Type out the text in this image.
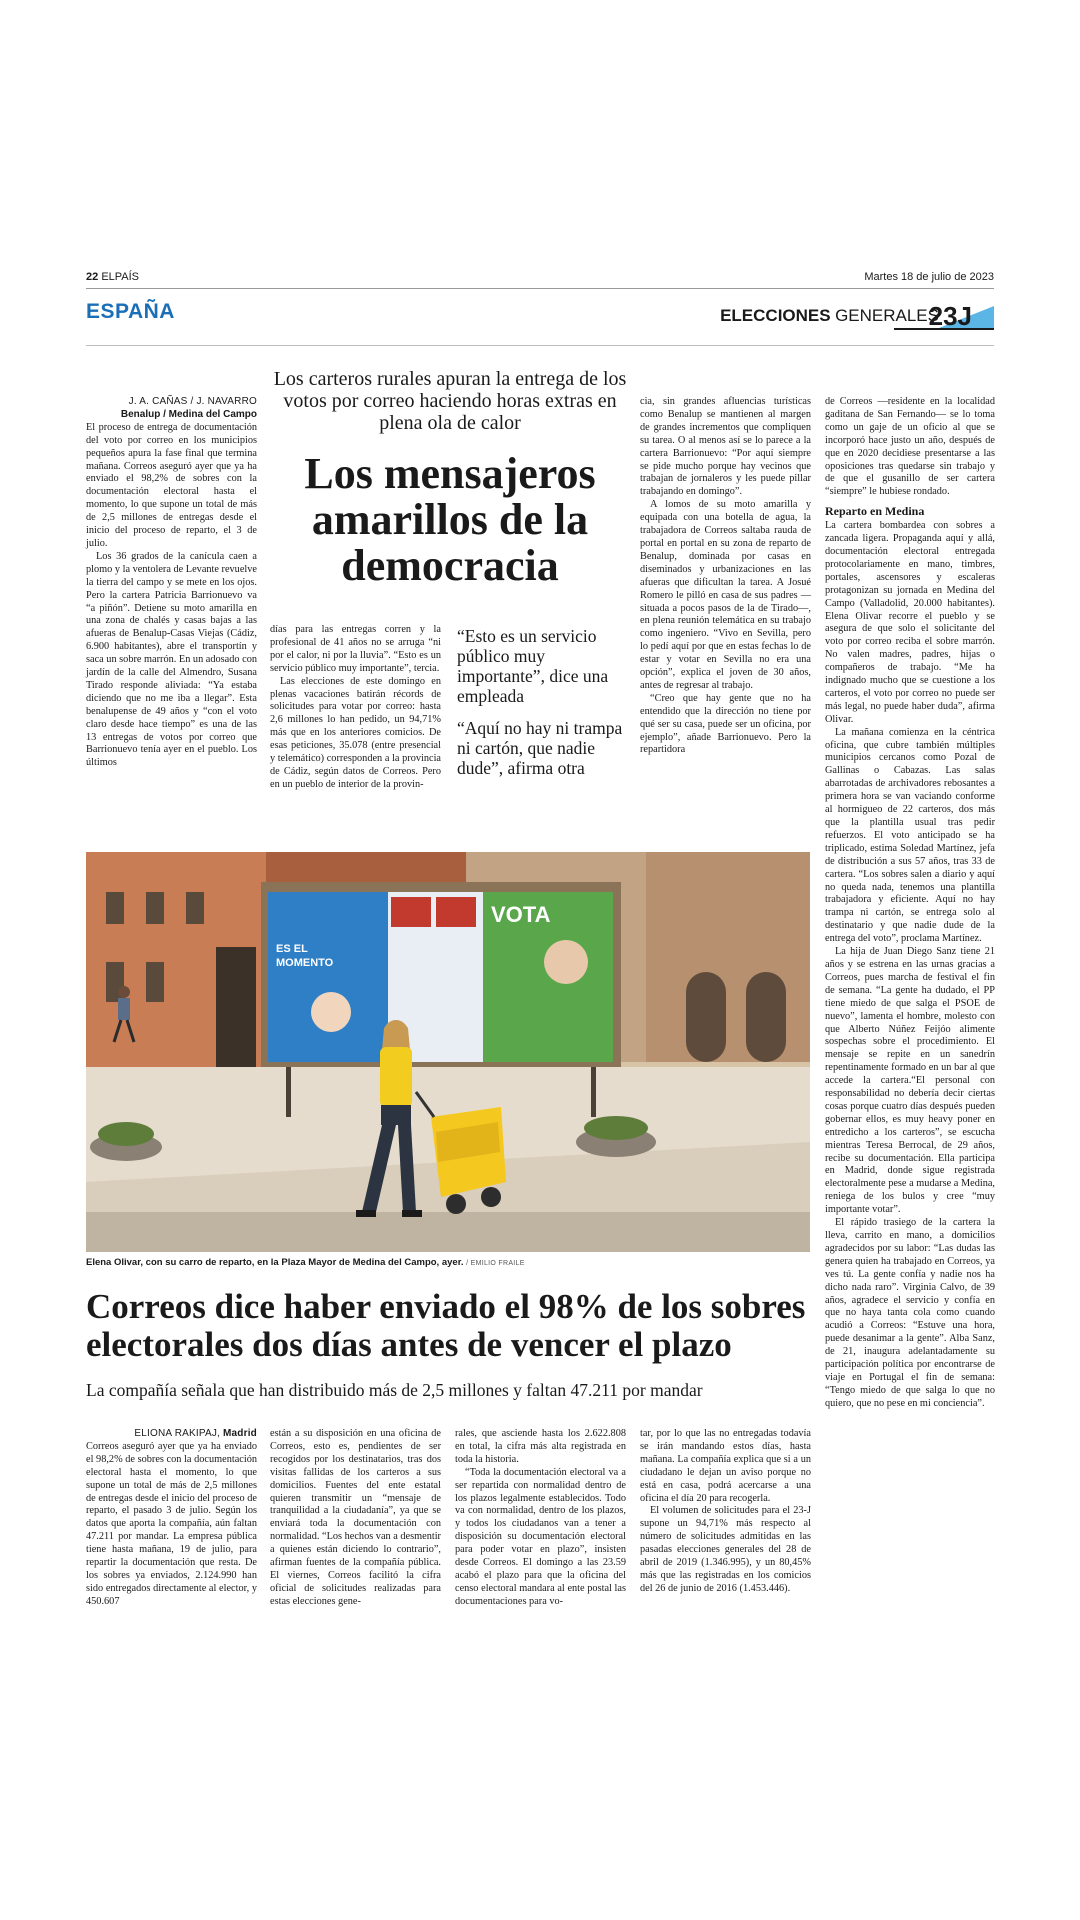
22 ELPAÍS	Martes 18 de julio de 2023
ESPAÑA	ELECCIONES GENERALES
23J
Los carteros rurales apuran la entrega de los votos por correo haciendo horas extras en plena ola de calor
Los mensajeros amarillos de la democracia

J. A. CAÑAS / J. NAVARRO

Benalup / Medina del Campo

El proceso de entrega de documentación del voto por correo en los municipios pequeños apura la fase final que termina mañana. Correos aseguró ayer que ya ha enviado el 98,2% de sobres con la documentación electoral hasta el momento, lo que supone un total de más de 2,5 millones de entregas desde el inicio del proceso de reparto, el 3 de julio.

Los 36 grados de la canícula caen a plomo y la ventolera de Levante revuelve la tierra del campo y se mete en los ojos. Pero la cartera Patricia Barrionuevo va “a piñón”. Detiene su moto amarilla en una zona de chalés y casas bajas a las afueras de Benalup-Casas Viejas (Cádiz, 6.900 habitantes), abre el transportín y saca un sobre marrón. En un adosado con jardín de la calle del Almendro, Susana Tirado responde aliviada: “Ya estaba diciendo que no me iba a llegar”. Esta benalupense de 49 años y “con el voto claro desde hace tiempo” es una de las 13 entregas de votos por correo que Barrionuevo tenía ayer en el pueblo. Los últimos

días para las entregas corren y la profesional de 41 años no se arruga “ni por el calor, ni por la lluvia”. “Esto es un servicio público muy importante”, tercia.

Las elecciones de este domingo en plenas vacaciones batirán récords de solicitudes para votar por correo: hasta 2,6 millones lo han pedido, un 94,71% más que en los anteriores comicios. De esas peticiones, 35.078 (entre presencial y telemático) corresponden a la provincia de Cádiz, según datos de Correos. Pero en un pueblo de interior de la provin-

“Esto es un servicio público muy importante”, dice una empleada
“Aquí no hay ni trampa ni cartón, que nadie dude”, afirma otra

cia, sin grandes afluencias turísticas como Benalup se mantienen al margen de grandes incrementos que compliquen su tarea. O al menos así se lo parece a la cartera Barrionuevo: “Por aquí siempre se pide mucho porque hay vecinos que trabajan de jornaleros y les puede pillar trabajando en domingo”.

A lomos de su moto amarilla y equipada con una botella de agua, la trabajadora de Correos saltaba rauda de portal en portal en su zona de reparto de Benalup, dominada por casas en diseminados y urbanizaciones en las afueras que dificultan la tarea. A Josué Romero le pilló en casa de sus padres —situada a pocos pasos de la de Tirado—, en plena reunión telemática en su trabajo como ingeniero. “Vivo en Sevilla, pero lo pedí aquí por que en estas fechas lo de estar y votar en Sevilla no era una opción”, explica el joven de 30 años, antes de regresar al trabajo.

“Creo que hay gente que no ha entendido que la dirección no tiene por qué ser su casa, puede ser un oficina, por ejemplo”, añade Barrionuevo. Pero la repartidora

de Correos —residente en la localidad gaditana de San Fernando— se lo toma como un gaje de un oficio al que se incorporó hace justo un año, después de que en 2020 decidiese presentarse a las oposiciones tras quedarse sin trabajo y de que el gusanillo de ser cartera “siempre” le hubiese rondado.

Reparto en Medina

La cartera bombardea con sobres a zancada ligera. Propaganda aquí y allá, documentación electoral entregada protocolariamente en mano, timbres, portales, ascensores y escaleras protagonizan su jornada en Medina del Campo (Valladolid, 20.000 habitantes). Elena Olivar recorre el pueblo y se asegura de que solo el solicitante del voto por correo reciba el sobre marrón. No valen madres, padres, hijas o compañeros de trabajo. “Me ha indignado mucho que se cuestione a los carteros, el voto por correo no puede ser más legal, no puede haber duda”, afirma Olivar.

La mañana comienza en la céntrica oficina, que cubre también múltiples municipios cercanos como Pozal de Gallinas o Cabazas. Las salas abarrotadas de archivadores rebosantes a primera hora se van vaciando conforme al hormigueo de 22 carteros, dos más que la plantilla usual tras pedir refuerzos. El voto anticipado se ha triplicado, estima Soledad Martínez, jefa de distribución a sus 57 años, tras 33 de cartera. “Los sobres salen a diario y aquí no queda nada, tenemos una plantilla trabajadora y eficiente. Aquí no hay trampa ni cartón, se entrega solo al destinatario y que nadie dude de la entrega del voto”, proclama Martínez.

La hija de Juan Diego Sanz tiene 21 años y se estrena en las urnas gracias a Correos, pues marcha de festival el fin de semana. “La gente ha dudado, el PP tiene miedo de que salga el PSOE de nuevo”, lamenta el hombre, molesto con que Alberto Núñez Feijóo alimente sospechas sobre el procedimiento. El mensaje se repite en un sanedrín repentinamente formado en un bar al que accede la cartera.“El personal con responsabilidad no debería decir ciertas cosas porque cuatro días después pueden gobernar ellos, es muy heavy poner en entredicho a los carteros”, se escucha mientras Teresa Berrocal, de 29 años, recibe su documentación. Ella participa en Madrid, donde sigue registrada electoralmente pese a mudarse a Medina, reniega de los bulos y cree “muy importante votar”.

El rápido trasiego de la cartera la lleva, carrito en mano, a domicilios agradecidos por su labor: “Las dudas las genera quien ha trabajado en Correos, ya ves tú. La gente confía y nadie nos ha dicho nada raro”. Virginia Calvo, de 39 años, agradece el servicio y confía en que no haya tanta cola como cuando acudió a Correos: “Estuve una hora, puede desanimar a la gente”. Alba Sanz, de 21, inaugura adelantadamente su participación política por encontrarse de viaje en Portugal el fin de semana: “Tengo miedo de que salga lo que no quiero, que no pese en mi conciencia”.

ES EL
MOMENTO
VOTA
Elena Olivar, con su carro de reparto, en la Plaza Mayor de Medina del Campo, ayer. / EMILIO FRAILE
Correos dice haber enviado el 98% de los sobres electorales dos días antes de vencer el plazo
La compañía señala que han distribuido más de 2,5 millones y faltan 47.211 por mandar

ELIONA RAKIPAJ, Madrid

Correos aseguró ayer que ya ha enviado el 98,2% de sobres con la documentación electoral hasta el momento, lo que supone un total de más de 2,5 millones de entregas desde el inicio del proceso de reparto, el pasado 3 de julio. Según los datos que aporta la compañía, aún faltan 47.211 por mandar. La empresa pública tiene hasta mañana, 19 de julio, para repartir la documentación que resta. De los sobres ya enviados, 2.124.990 han sido entregados directamente al elector, y 450.607

están a su disposición en una oficina de Correos, esto es, pendientes de ser recogidos por los destinatarios, tras dos visitas fallidas de los carteros a sus domicilios. Fuentes del ente estatal quieren transmitir un “mensaje de tranquilidad a la ciudadanía”, ya que se enviará toda la documentación con normalidad. “Los hechos van a desmentir a quienes están diciendo lo contrario”, afirman fuentes de la compañía pública. El viernes, Correos facilitó la cifra oficial de solicitudes realizadas para estas elecciones gene-

rales, que asciende hasta los 2.622.808 en total, la cifra más alta registrada en toda la historia.

“Toda la documentación electoral va a ser repartida con normalidad dentro de los plazos legalmente establecidos. Todo va con normalidad, dentro de los plazos, y todos los ciudadanos van a tener a disposición su documentación electoral para poder votar en plazo”, insisten desde Correos. El domingo a las 23.59 acabó el plazo para que la oficina del censo electoral mandara al ente postal las documentaciones para vo-

tar, por lo que las no entregadas todavía se irán mandando estos días, hasta mañana. La compañía explica que si a un ciudadano le dejan un aviso porque no está en casa, podrá acercarse a una oficina el día 20 para recogerla.

El volumen de solicitudes para el 23-J supone un 94,71% más respecto al número de solicitudes admitidas en las pasadas elecciones generales del 28 de abril de 2019 (1.346.995), y un 80,45% más que las registradas en los comicios del 26 de junio de 2016 (1.453.446).
